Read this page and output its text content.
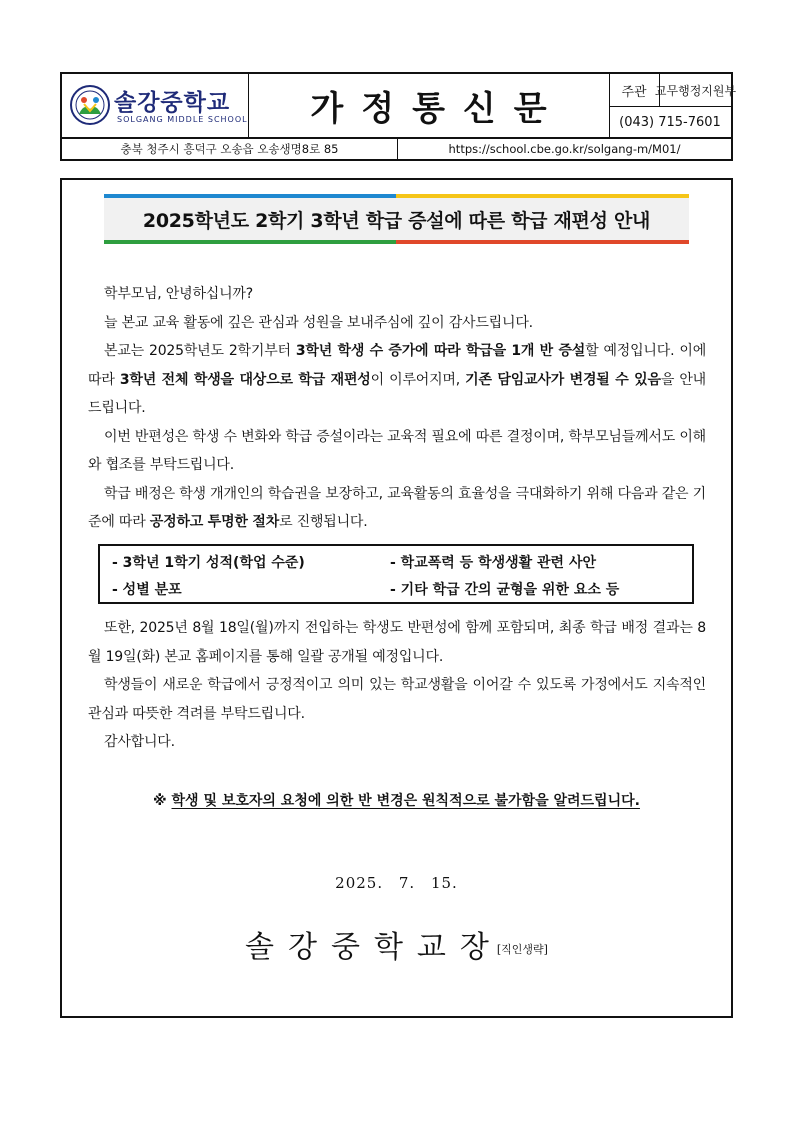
솔강중학교
SOLGANG MIDDLE SCHOOL	가정통신문	주관 교무행정지원부
(043) 715-7601
충북 청주시 흥덕구 오송읍 오송생명8로 85	https://school.cbe.go.kr/solgang-m/M01/
2025학년도 2학기 3학년 학급 증설에 따른 학급 재편성 안내

학부모님, 안녕하십니까?

늘 본교 교육 활동에 깊은 관심과 성원을 보내주심에 깊이 감사드립니다.

본교는 2025학년도 2학기부터 3학년 학생 수 증가에 따라 학급을 1개 반 증설할 예정입니다. 이에 따라 3학년 전체 학생을 대상으로 학급 재편성이 이루어지며, 기존 담임교사가 변경될 수 있음을 안내드립니다.

이번 반편성은 학생 수 변화와 학급 증설이라는 교육적 필요에 따른 결정이며, 학부모님들께서도 이해와 협조를 부탁드립니다.

학급 배정은 학생 개개인의 학습권을 보장하고, 교육활동의 효율성을 극대화하기 위해 다음과 같은 기준에 따라 공정하고 투명한 절차로 진행됩니다.

- 3학년 1학기 성적(학업 수준)	- 학교폭력 등 학생생활 관련 사안
- 성별 분포	- 기타 학급 간의 균형을 위한 요소 등

또한, 2025년 8월 18일(월)까지 전입하는 학생도 반편성에 함께 포함되며, 최종 학급 배정 결과는 8월 19일(화) 본교 홈페이지를 통해 일괄 공개될 예정입니다.

학생들이 새로운 학급에서 긍정적이고 의미 있는 학교생활을 이어갈 수 있도록 가정에서도 지속적인 관심과 따뜻한 격려를 부탁드립니다.

감사합니다.

※ 학생 및 보호자의 요청에 의한 반 변경은 원칙적으로 불가함을 알려드립니다.
2025. 7. 15.
솔강중학교장[직인생략]
